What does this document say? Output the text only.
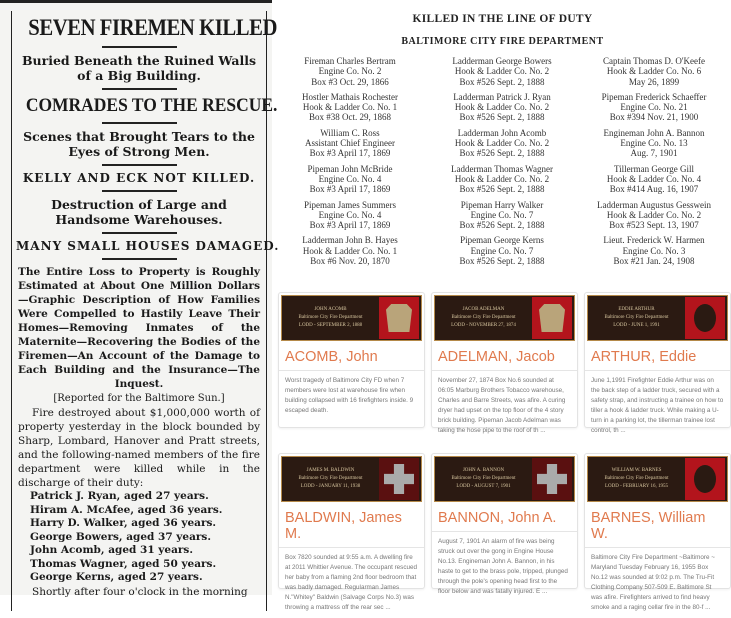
SEVEN FIREMEN KILLED
Buried Beneath the Ruined Walls of a Big Building.
COMRADES TO THE RESCUE.
Scenes that Brought Tears to the Eyes of Strong Men.
KELLY AND ECK NOT KILLED.
Destruction of Large and Handsome Warehouses.
MANY SMALL HOUSES DAMAGED.
The Entire Loss to Property is Roughly Estimated at About One Million Dollars—Graphic Description of How Families Were Compelled to Hastily Leave Their Homes—Removing Inmates of the Maternite—Recovering the Bodies of the Firemen—An Account of the Damage to Each Building and the Insurance—The Inquest.
[Reported for the Baltimore Sun.]
Fire destroyed about $1,000,000 worth of property yesterday in the block bounded by Sharp, Lombard, Hanover and Pratt streets, and the following-named members of the fire department were killed while in the discharge of their duty:
Patrick J. Ryan, aged 27 years.
Hiram A. McAfee, aged 36 years.
Harry D. Walker, aged 36 years.
George Bowers, aged 37 years.
John Acomb, aged 31 years.
Thomas Wagner, aged 50 years.
George Kerns, aged 27 years.
Shortly after four o'clock in the morning
KILLED IN THE LINE OF DUTY
BALTIMORE CITY FIRE DEPARTMENT
Fireman Charles Bertram
Engine Co. No. 2
Box #3 Oct. 29, 1866
Ladderman George Bowers
Hook & Ladder Co. No. 2
Box #526 Sept. 2, 1888
Captain Thomas D. O'Keefe
Hook & Ladder Co. No. 6
May 26, 1899
Hostler Mathais Rochester
Hook & Ladder Co. No. 1
Box #38 Oct. 29, 1868
Ladderman Patrick J. Ryan
Hook & Ladder Co. No. 2
Box #526 Sept. 2, 1888
Pipeman Frederick Schaeffer
Engine Co. No. 21
Box #394 Nov. 21, 1900
William C. Ross
Assistant Chief Engineer
Box #3 April 17, 1869
Ladderman John Acomb
Hook & Ladder Co. No. 2
Box #526 Sept. 2, 1888
Engineman John A. Bannon
Engine Co. No. 13
Aug. 7, 1901
Pipeman John McBride
Engine Co. No. 4
Box #3 April 17, 1869
Ladderman Thomas Wagner
Hook & Ladder Co. No. 2
Box #526 Sept. 2, 1888
Tillerman George Gill
Hook & Ladder Co. No. 4
Box #414 Aug. 16, 1907
Pipeman James Summers
Engine Co. No. 4
Box #3 April 17, 1869
Pipeman Harry Walker
Engine Co. No. 7
Box #526 Sept. 2, 1888
Ladderman Augustus Gesswein
Hook & Ladder Co. No. 2
Box #523 Sept. 13, 1907
Ladderman John B. Hayes
Hook & Ladder Co. No. 1
Box #6 Nov. 20, 1870
Pipeman George Kerns
Engine Co. No. 7
Box #526 Sept. 2, 1888
Lieut. Frederick W. Harmen
Engine Co. No. 3
Box #21 Jan. 24, 1908
JOHN ACOMB
Baltimore City Fire Department
LODD - SEPTEMBER 2, 1888
ACOMB, John
Worst tragedy of Baltimore City FD when 7 members were lost at warehouse fire when building collapsed with 16 firefighters inside. 9 escaped death.
JACOB ADELMAN
Baltimore City Fire Department
LODD - NOVEMBER 27, 1874
ADELMAN, Jacob
November 27, 1874 Box No.6 sounded at 06:05 Marburg Brothers Tobacco warehouse, Charles and Barre Streets, was afire. A curing dryer had upset on the top floor of the 4 story brick building. Pipeman Jacob Adelman was taking the hose pipe to the roof of th ...
EDDIE ARTHUR
Baltimore City Fire Department
LODD - JUNE 1, 1991
ARTHUR, Eddie
June 1,1991 Firefighter Eddie Arthur was on the back step of a ladder truck, secured with a safety strap, and instructing a trainee on how to tiller a hook & ladder truck. While making a U-turn in a parking lot, the tillerman trainee lost control, th ...
JAMES M. BALDWIN
Baltimore City Fire Department
LODD - JANUARY 11, 1938
BALDWIN, James M.
Box 7820 sounded at 9:55 a.m. A dwelling fire at 2011 Whittier Avenue. The occupant rescued her baby from a flaming 2nd floor bedroom that was badly damaged. Regularman James N."Whitey" Baldwin (Salvage Corps No.3) was throwing a mattress off the rear sec ...
JOHN A. BANNON
Baltimore City Fire Department
LODD - AUGUST 7, 1901
BANNON, John A.
August 7, 1901 An alarm of fire was being struck out over the gong in Engine House No.13. Engineman John A. Bannon, in his haste to get to the brass pole, tripped, plunged through the pole's opening head first to the floor below and was fatally injured. E ...
WILLIAM W. BARNES
Baltimore City Fire Department
LODD - FEBRUARY 16, 1955
BARNES, William W.
Baltimore City Fire Department ~Baltimore ~ Maryland Tuesday February 16, 1955 Box No.12 was sounded at 9:02 p.m. The Tru-Fit Clothing Company 507-509 E. Baltimore St was afire. Firefighters arrived to find heavy smoke and a raging cellar fire in the 80-f ...
